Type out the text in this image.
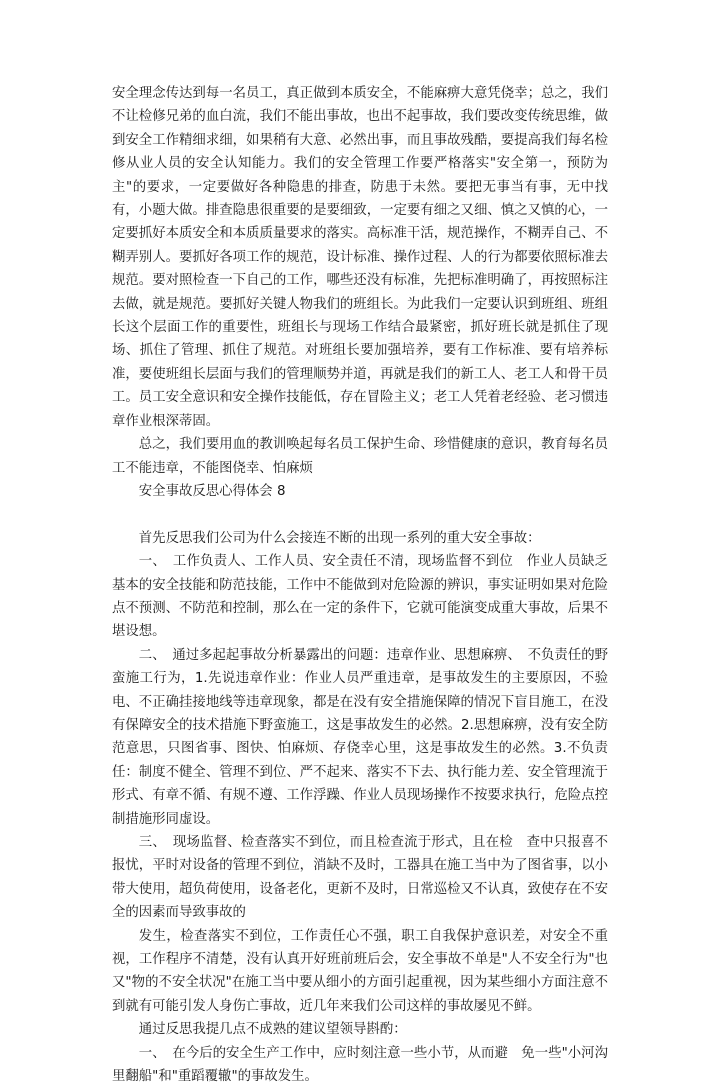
安全理念传达到每一名员工，真正做到本质安全，不能麻痹大意凭侥幸；总之，我们不让检修兄弟的血白流，我们不能出事故，也出不起事故，我们要改变传统思维，做到安全工作精细求细，如果稍有大意、必然出事，而且事故残酷，要提高我们每名检修从业人员的安全认知能力。我们的安全管理工作要严格落实"安全第一，预防为主"的要求，一定要做好各种隐患的排查，防患于未然。要把无事当有事，无中找有，小题大做。排查隐患很重要的是要细致，一定要有细之又细、慎之又慎的心，一定要抓好本质安全和本质质量要求的落实。高标准干活，规范操作，不糊弄自己、不糊弄别人。要抓好各项工作的规范，设计标准、操作过程、人的行为都要依照标准去规范。要对照检查一下自己的工作，哪些还没有标准，先把标准明确了，再按照标注去做，就是规范。要抓好关键人物我们的班组长。为此我们一定要认识到班组、班组长这个层面工作的重要性，班组长与现场工作结合最紧密，抓好班长就是抓住了现场、抓住了管理、抓住了规范。对班组长要加强培养，要有工作标准、要有培养标准，要使班组长层面与我们的管理顺势并道，再就是我们的新工人、老工人和骨干员工。员工安全意识和安全操作技能低，存在冒险主义；老工人凭着老经验、老习惯违章作业根深蒂固。

总之，我们要用血的教训唤起每名员工保护生命、珍惜健康的意识，教育每名员工不能违章，不能图侥幸、怕麻烦

安全事故反思心得体会 8

首先反思我们公司为什么会接连不断的出现一系列的重大安全事故：

一、　工作负责人、工作人员、安全责任不清，现场监督不到位　作业人员缺乏基本的安全技能和防范技能，工作中不能做到对危险源的辨识，事实证明如果对危险点不预测、不防范和控制，那么在一定的条件下，它就可能演变成重大事故，后果不堪设想。

二、　通过多起起事故分析暴露出的问题：违章作业、思想麻痹、　不负责任的野蛮施工行为，1.先说违章作业：作业人员严重违章，是事故发生的主要原因，不验电、不正确挂接地线等违章现象，都是在没有安全措施保障的情况下盲目施工，在没有保障安全的技术措施下野蛮施工，这是事故发生的必然。2.思想麻痹，没有安全防范意思，只图省事、图快、怕麻烦、存侥幸心里，这是事故发生的必然。3.不负责任：制度不健全、管理不到位、严不起来、落实不下去、执行能力差、安全管理流于形式、有章不循、有规不遵、工作浮躁、作业人员现场操作不按要求执行，危险点控制措施形同虚设。

三、　现场监督、检查落实不到位，而且检查流于形式，且在检　查中只报喜不报忧，平时对设备的管理不到位，消缺不及时，工器具在施工当中为了图省事，以小带大使用，超负荷使用，设备老化，更新不及时，日常巡检又不认真，致使存在不安全的因素而导致事故的

发生，检查落实不到位，工作责任心不强，职工自我保护意识差，对安全不重视，工作程序不清楚，没有认真开好班前班后会，安全事故不单是"人不安全行为"也又"物的不安全状况"在施工当中要从细小的方面引起重视，因为某些细小方面注意不到就有可能引发人身伤亡事故，近几年来我们公司这样的事故屡见不鲜。

通过反思我提几点不成熟的建议望领导斟酌：

一、　在今后的安全生产工作中，应时刻注意一些小节，从而避　免一些"小河沟里翻船"和"重蹈覆辙"的事故发生。
